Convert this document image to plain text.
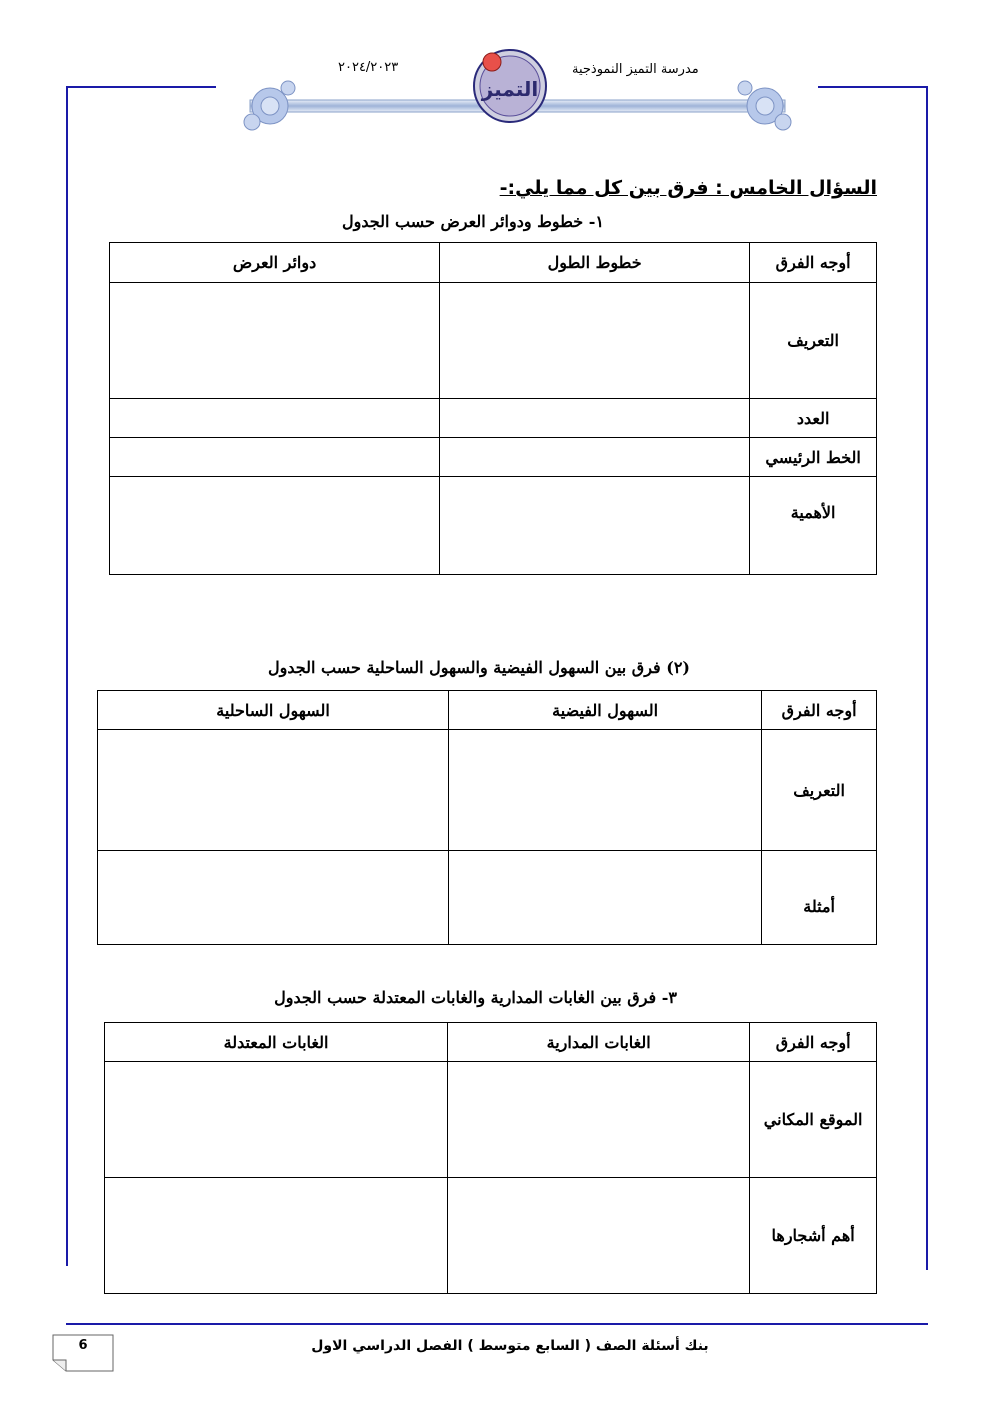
التميز
مدرسة التميز النموذجية
٢٠٢٤/٢٠٢٣
السؤال الخامس : فرق بين كل مما يلي:-
١- خطوط ودوائر العرض حسب الجدول
أوجه الفرق	خطوط الطول	دوائر العرض
التعريف		
العدد		
الخط الرئيسي		
الأهمية		
(٢) فرق بين السهول الفيضية والسهول الساحلية حسب الجدول
أوجه الفرق	السهول الفيضية	السهول الساحلية
التعريف		
أمثلة		
٣- فرق بين الغابات المدارية والغابات المعتدلة حسب الجدول
أوجه الفرق	الغابات المدارية	الغابات المعتدلة
الموقع المكاني		
أهم أشجارها		
6	بنك أسئلة الصف ( السابع متوسط ) الفصل الدراسي الاول
